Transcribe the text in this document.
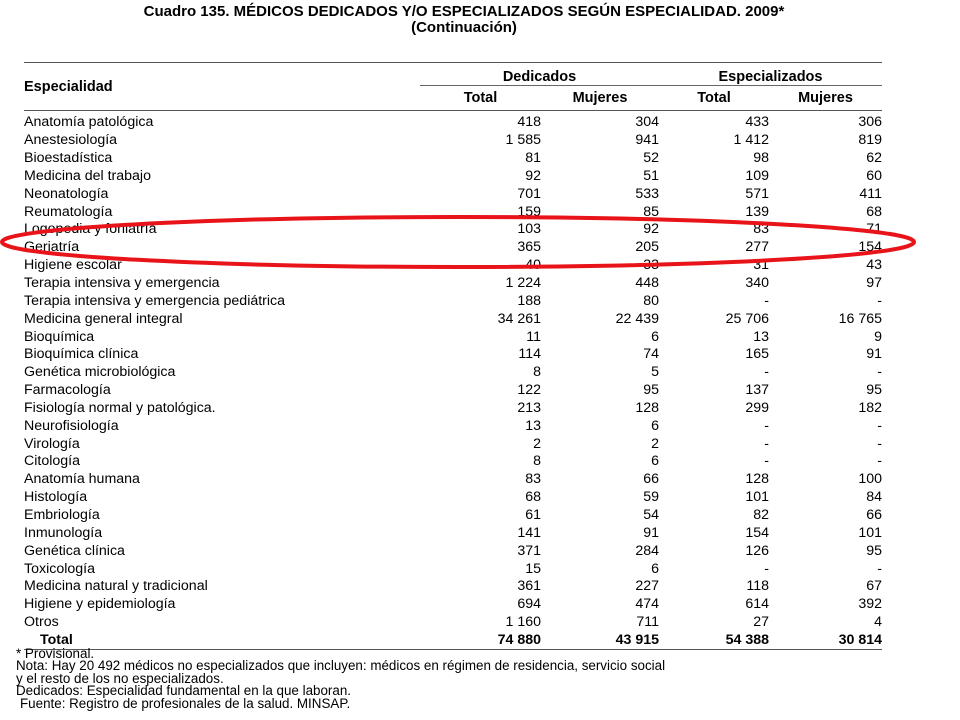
Cuadro 135. MÉDICOS DEDICADOS Y/O ESPECIALIZADOS SEGÚN ESPECIALIDAD. 2009*
(Continuación)
Especialidad	Dedicados		Especializados	
	Total	Mujeres	Total	Mujeres
Anatomía patológica	418	304	433	306
Anestesiología	1 585	941	1 412	819
Bioestadística	81	52	98	62
Medicina del trabajo	92	51	109	60
Neonatología	701	533	571	411
Reumatología	159	85	139	68
Logopedia y foniatría	103	92	83	71
Geriatría	365	205	277	154
Higiene escolar	40	33	31	43
Terapia intensiva y emergencia	1 224	448	340	97
Terapia intensiva y emergencia pediátrica	188	80	-	-
Medicina general integral	34 261	22 439	25 706	16 765
Bioquímica	11	6	13	9
Bioquímica clínica	114	74	165	91
Genética microbiológica	8	5	-	-
Farmacología	122	95	137	95
Fisiología normal y patológica.	213	128	299	182
Neurofisiología	13	6	-	-
Virología	2	2	-	-
Citología	8	6	-	-
Anatomía humana	83	66	128	100
Histología	68	59	101	84
Embriología	61	54	82	66
Inmunología	141	91	154	101
Genética clínica	371	284	126	95
Toxicología	15	6	-	-
Medicina natural y tradicional	361	227	118	67
Higiene y epidemiología	694	474	614	392
Otros	1 160	711	27	4
Total	74 880	43 915	54 388	30 814
* Provisional.
Nota: Hay 20 492 médicos no especializados que incluyen: médicos en régimen de residencia, servicio social
y el resto de los no especializados.
Dedicados: Especialidad fundamental en la que laboran.
Fuente: Registro de profesionales de la salud. MINSAP.
